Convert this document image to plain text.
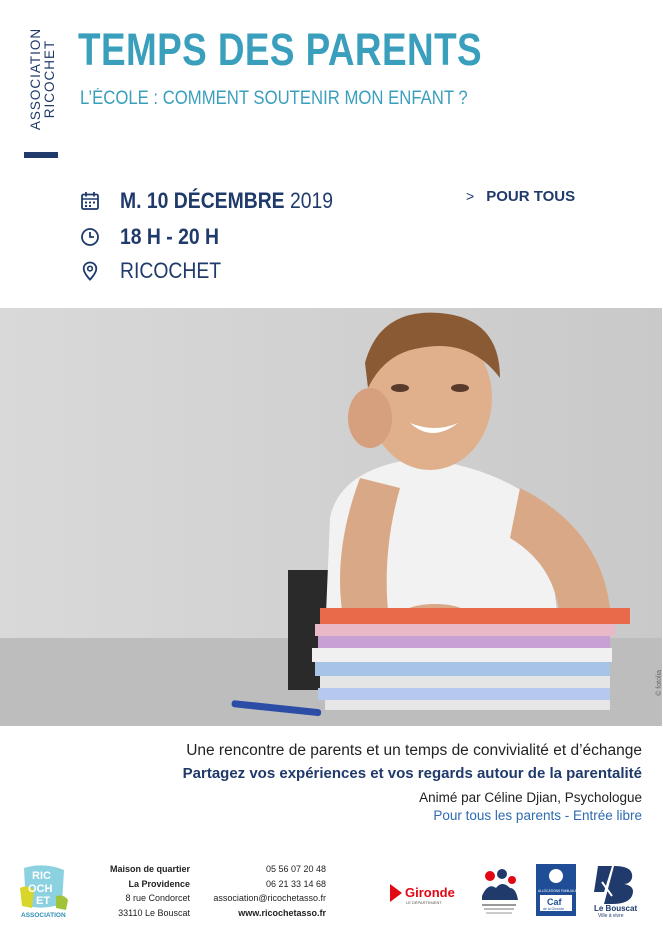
ASSOCIATION RICOCHET TEMPS DES PARENTS
L’ÉCOLE : COMMENT SOUTENIR MON ENFANT ?
M. 10 DÉCEMBRE 2019
18 H - 20 H
RICOCHET
> POUR TOUS
© fotolia
Une rencontre de parents et un temps de convivialité et d’échange
Partagez vos expériences et vos regards autour de la parentalité
Animé par Céline Djian, Psychologue
Pour tous les parents - Entrée libre
RIC
OCH
ET
ASSOCIATION
Maison de quartier
La Providence
8 rue Condorcet
33110 Le Bouscat
05 56 07 20 48
06 21 33 14 68
association@ricochetasso.fr
www.ricochetasso.fr
Gironde
LE DÉPARTEMENT
ALLOCATIONS FAMILIALES
Caf
de la Gironde	Le Bouscat
Ville à vivre
